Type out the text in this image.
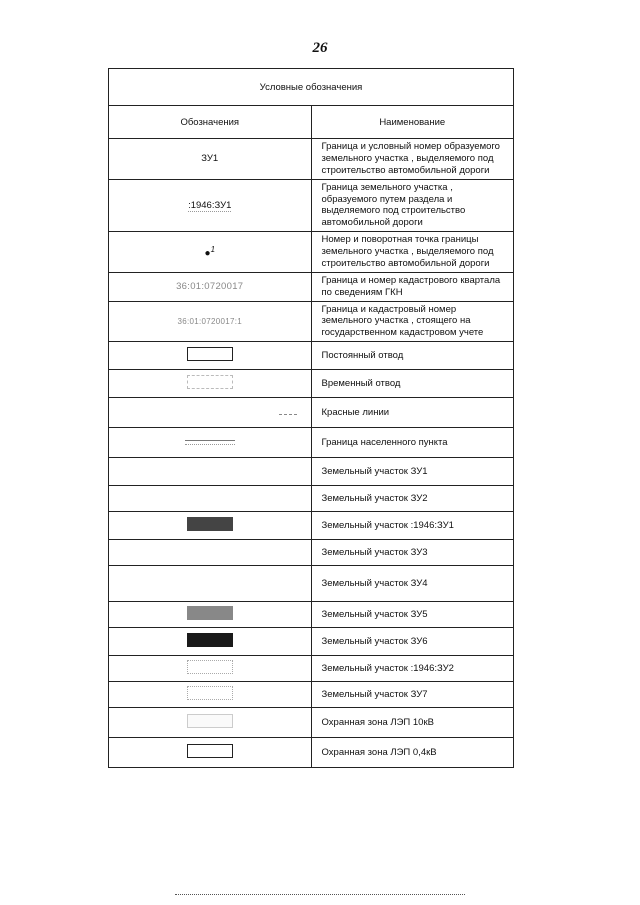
26
Условные обозначения	
Обозначения	Наименование
ЗУ1	Граница и условный номер образуемого земельного участка , выделяемого под строительство автомобильной дороги
:1946:ЗУ1	Граница земельного участка , образуемого путем раздела и выделяемого под строительство автомобильной дороги
●$^1$	Номер и поворотная точка границы земельного участка , выделяемого под строительство автомобильной дороги
36:01:0720017	Граница и номер кадастрового квартала по сведениям ГКН
36:01:0720017:1	Граница и кадастровый номер земельного участка , стоящего на государственном кадастровом учете
	Постоянный отвод
	Временный отвод
	Красные линии
	Граница населенного пункта
	Земельный участок ЗУ1
	Земельный участок ЗУ2
	Земельный участок :1946:ЗУ1
	Земельный участок ЗУ3
	Земельный участок ЗУ4
	Земельный участок ЗУ5
	Земельный участок ЗУ6
	Земельный участок :1946:ЗУ2
	Земельный участок ЗУ7
	Охранная зона ЛЭП 10кВ
	Охранная зона ЛЭП 0,4кВ
